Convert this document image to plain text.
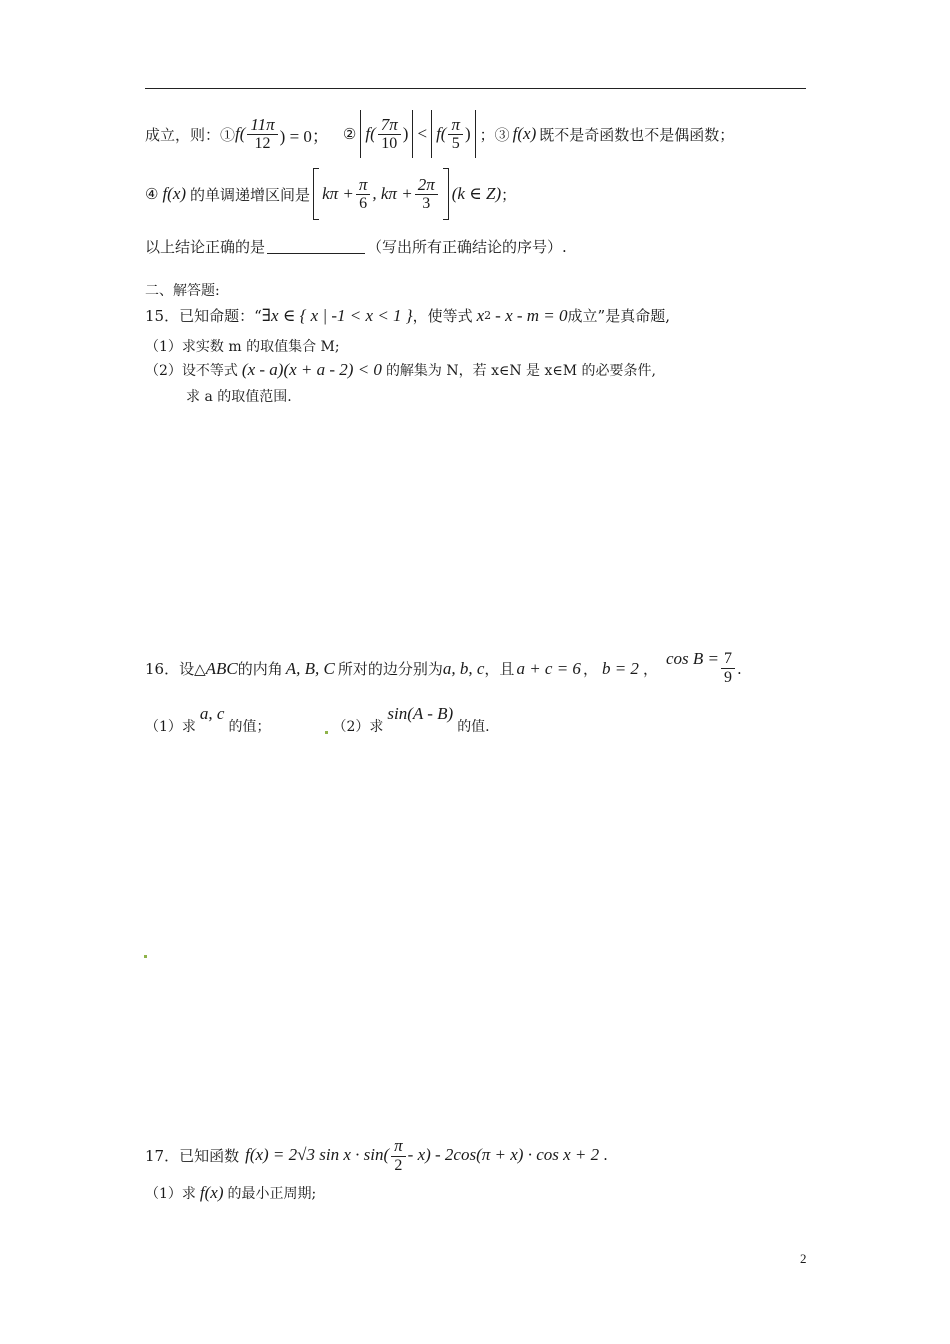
成立，则：① $f( \frac{11\pi}{12}$ ) = 0； ② $f( \frac{7\pi}{10}$ ) < $f( \frac{\pi}{5}$ ) ；③ f(x) 既不是奇函数也不是偶函数；
④ f(x) 的单调递增区间是 $k\pi + \frac{\pi}{6}$ , $k\pi + \frac{2\pi}{3} (k$ ∈ Z) ；
以上结论正确的是	（写出所有正确结论的序号）.
二、解答题:
15．已知命题：“ ∃x ∈ { x | -1 < x < 1 } ，使等式 x 2 - x - m = 0 成立”是真命题,
（1）求实数 m 的取值集合 M;
（2）设不等式 (x - a)(x + a - 2) < 0 的解集为 N，若 x∈N 是 x∈M 的必要条件,
求 a 的取值范围.
16．设△ ABC 的内角 A, B, C 所对的边分别为 a, b, c ，且 a + c = 6 ， b = 2 ，
$\cos B = \frac{7}{9}$ .
（1）求
a, c
的值；	（2）求
sin(A - B)
的值.
17．已知函数 f(x) = 2√3 $\sin x \cdot \sin( \frac{\pi}{2} - x) - 2\cos(\pi + x) \cdot \cos x + 2$ .
（1）求 f(x) 的最小正周期;
2
